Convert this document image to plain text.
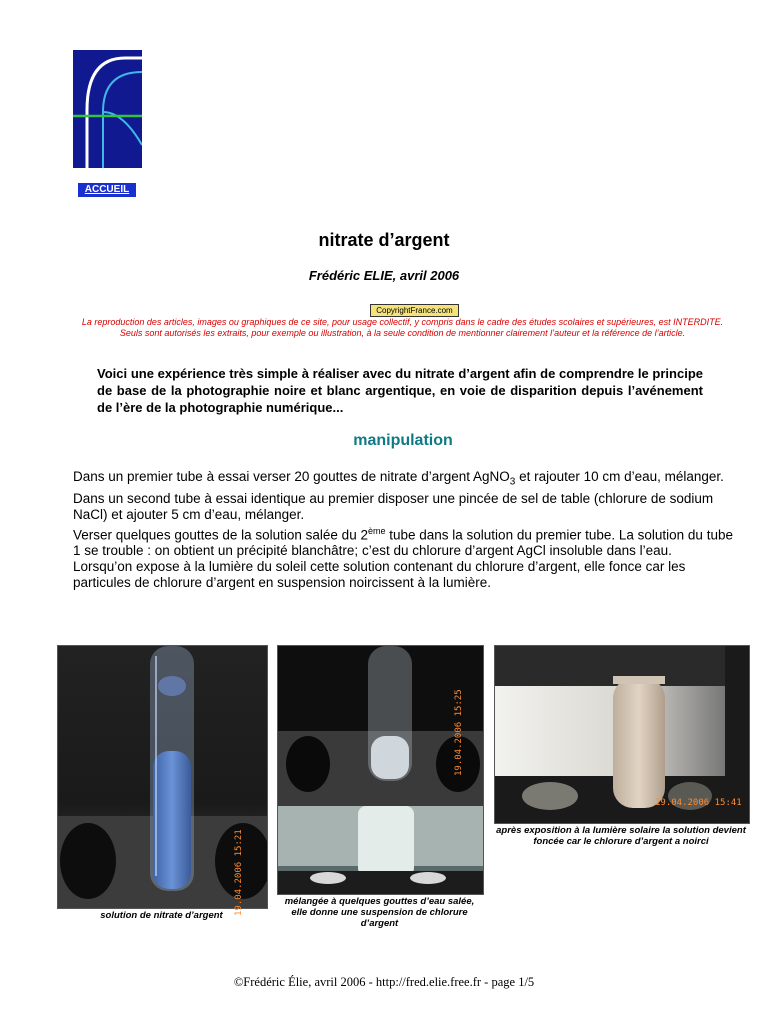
ACCUEIL
nitrate d’argent
Frédéric ELIE, avril 2006
CopyrightFrance.com
La reproduction des articles, images ou graphiques de ce site, pour usage collectif, y compris dans le cadre des études scolaires et supérieures, est INTERDITE. Seuls sont autorisés les extraits, pour exemple ou illustration, à la seule condition de mentionner clairement l’auteur et la référence de l’article.
Voici une expérience très simple à réaliser avec du nitrate d’argent afin de comprendre le principe de base de la photographie noire et blanc argentique, en voie de disparition depuis l’avénement de l’ère de la photographie numérique...
manipulation

Dans un premier tube à essai verser 20 gouttes de nitrate d’argent AgNO$_3$ et rajouter 10 cm d’eau, mélanger.

Dans un second tube à essai identique au premier disposer une pincée de sel de table (chlorure de sodium NaCl) et ajouter 5 cm d’eau, mélanger.

Verser quelques gouttes de la solution salée du 2ème tube dans la solution du premier tube. La solution du tube 1 se trouble : on obtient un précipité blanchâtre; c’est du chlorure d’argent AgCl insoluble dans l’eau.

Lorsqu’on expose à la lumière du soleil cette solution contenant du chlorure d’argent, elle fonce car les particules de chlorure d’argent en suspension noircissent à la lumière.

19.04.2006 15:21
solution de nitrate d’argent
19.04.2006 15:25
mélangée à quelques gouttes d’eau salée, elle donne une suspension de chlorure d’argent
19.04.2006 15:41
après exposition à la lumière solaire la solution devient foncée car le chlorure d’argent a noirci
©Frédéric Élie, avril 2006 - http://fred.elie.free.fr - page 1/5
